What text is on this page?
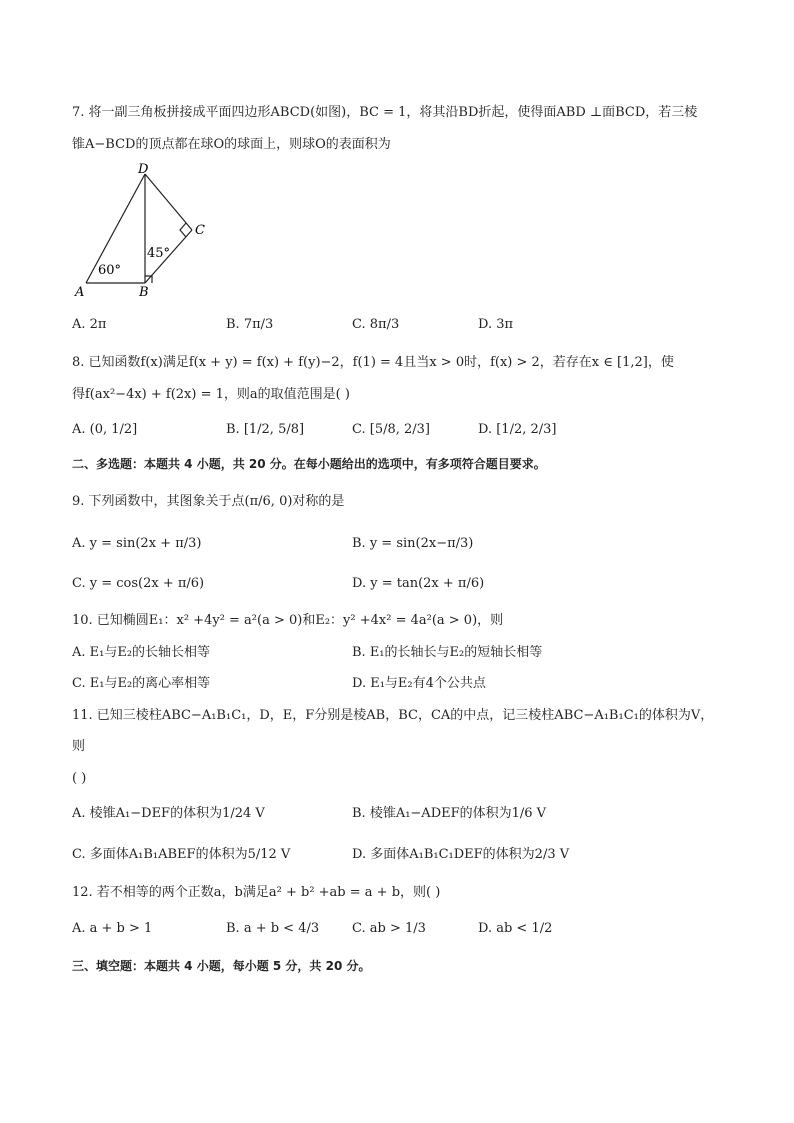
7. 将一副三角板拼接成平面四边形ABCD(如图)，BC = 1，将其沿BD折起，使得面ABD ⊥面BCD，若三棱
锥A−BCD的顶点都在球O的球面上，则球O的表面积为
D
C
A	B
60°
45°
A. 2π	B. 7π/3	C. 8π/3	D. 3π
8. 已知函数f(x)满足f(x + y) = f(x) + f(y)−2，f(1) = 4且当x > 0时，f(x) > 2，若存在x ∈ [1,2]，使
得f(ax²−4x) + f(2x) = 1，则a的取值范围是( )
A. (0, 1/2]	B. [1/2, 5/8]	C. [5/8, 2/3]	D. [1/2, 2/3]
二、多选题：本题共 4 小题，共 20 分。在每小题给出的选项中，有多项符合题目要求。
9. 下列函数中，其图象关于点(π/6, 0)对称的是
A. y = sin(2x + π/3)	B. y = sin(2x−π/3)
C. y = cos(2x + π/6)	D. y = tan(2x + π/6)
10. 已知椭圆E₁：x² +4y² = a²(a > 0)和E₂：y² +4x² = 4a²(a > 0)，则
A. E₁与E₂的长轴长相等	B. E₁的长轴长与E₂的短轴长相等
C. E₁与E₂的离心率相等	D. E₁与E₂有4个公共点
11. 已知三棱柱ABC−A₁B₁C₁，D，E，F分别是棱AB，BC，CA的中点，记三棱柱ABC−A₁B₁C₁的体积为V，
则
( )
A. 棱锥A₁−DEF的体积为1/24 V	B. 棱锥A₁−ADEF的体积为1/6 V
C. 多面体A₁B₁ABEF的体积为5/12 V	D. 多面体A₁B₁C₁DEF的体积为2/3 V
12. 若不相等的两个正数a，b满足a² + b² +ab = a + b，则( )
A. a + b > 1	B. a + b < 4/3	C. ab > 1/3	D. ab < 1/2
三、填空题：本题共 4 小题，每小题 5 分，共 20 分。
